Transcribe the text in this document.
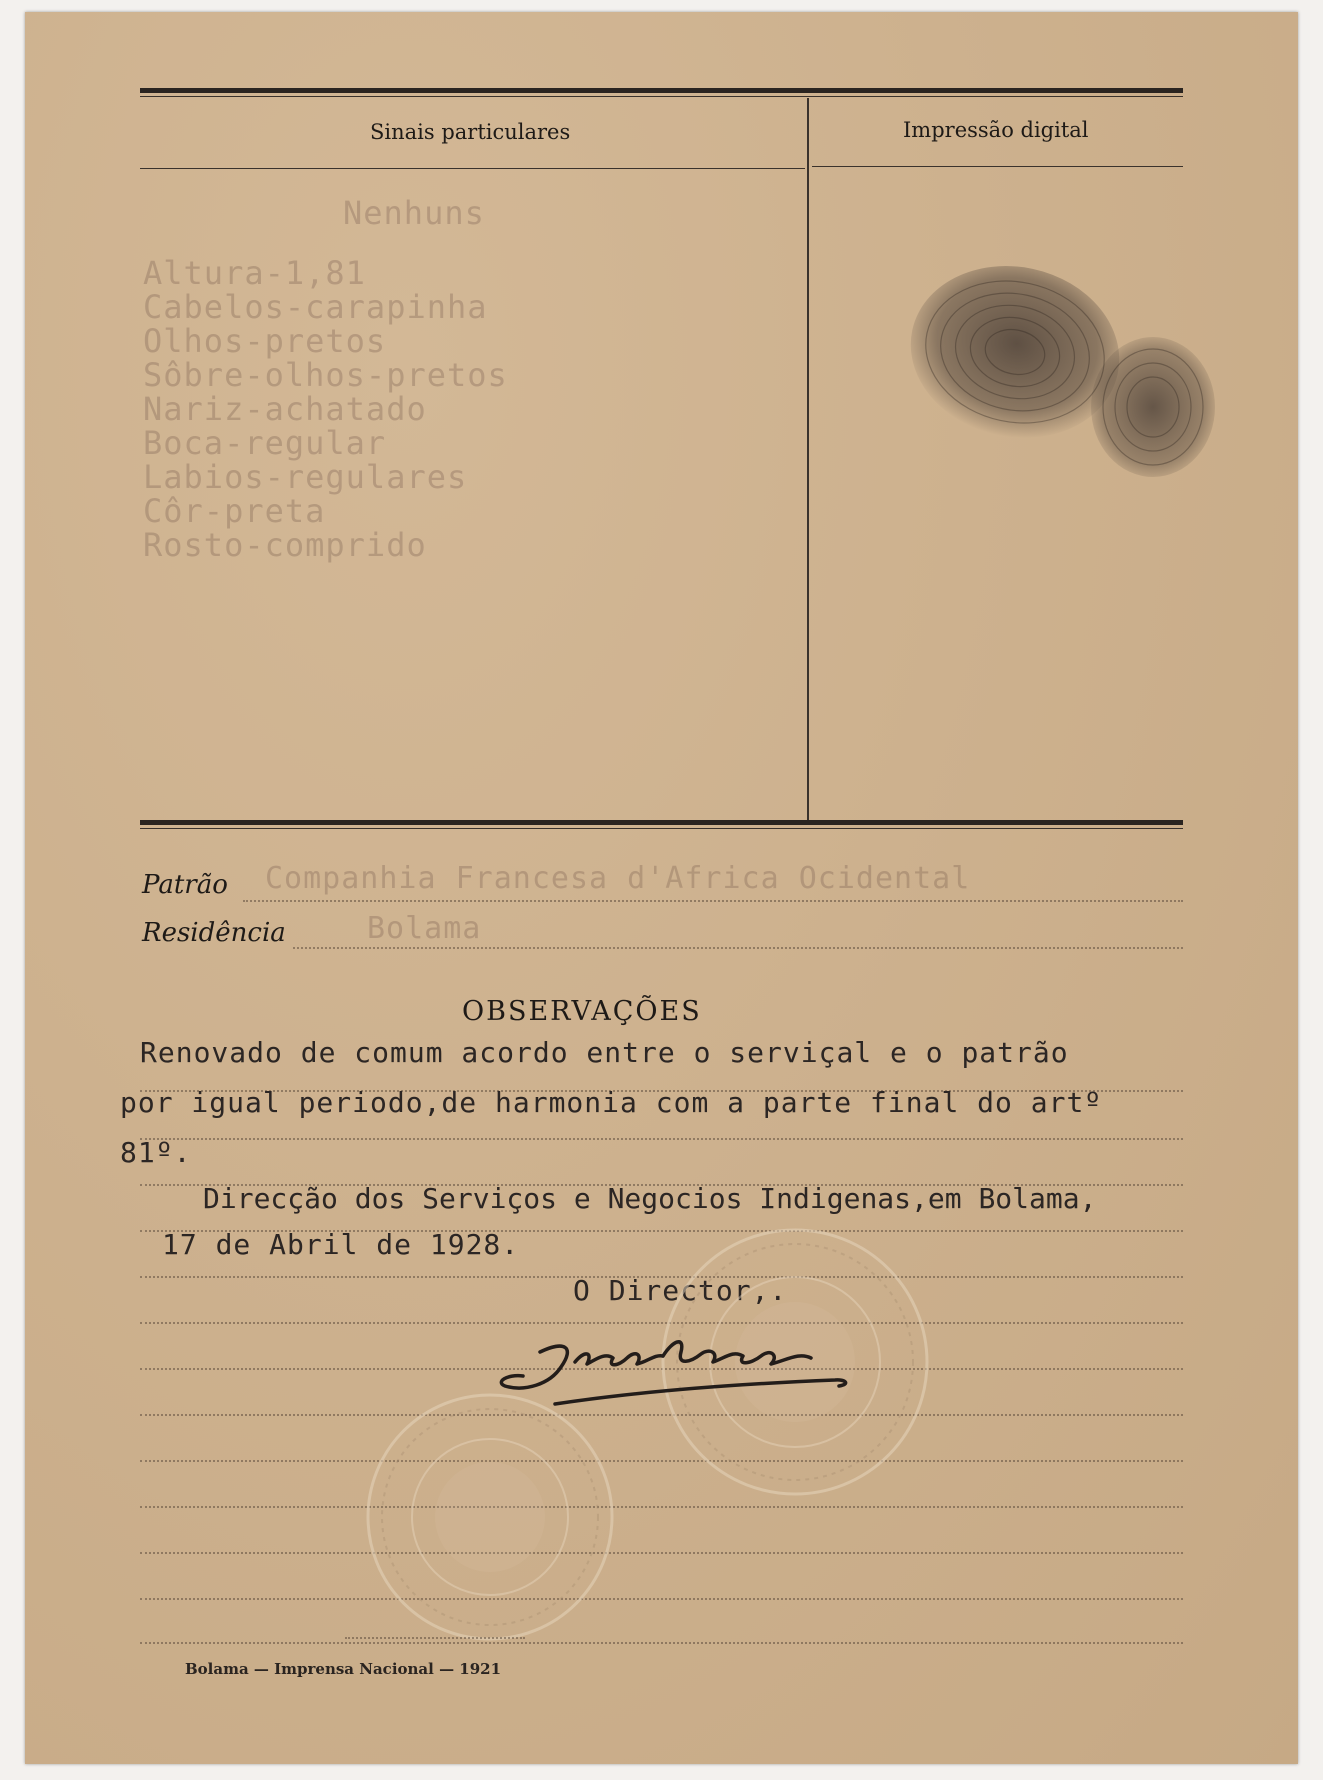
Sinais particulares	Impressão digital
Nenhuns
Altura-1,81
Cabelos-carapinha
Olhos-pretos
Sôbre-olhos-pretos
Nariz-achatado
Boca-regular
Labios-regulares
Côr-preta
Rosto-comprido
Patrão Companhia Francesa d'Africa Ocidental
Residência	Bolama
OBSERVAÇÕES
Renovado de comum acordo entre o serviçal e o patrão
por igual periodo,de harmonia com a parte final do artº
81º.
Direcção dos Serviços e Negocios Indigenas,em Bolama,
17 de Abril de 1928.
O Director,.
Bolama — Imprensa Nacional — 1921
